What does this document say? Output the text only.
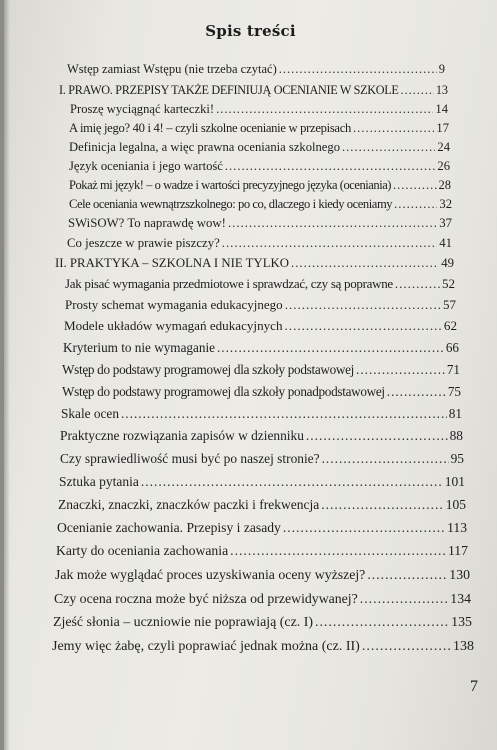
Spis treści
Wstęp zamiast Wstępu (nie trzeba czytać) .....	9
I. PRAWO. PRZEPISY TAKŻE DEFINIUJĄ OCENIANIE W SZKOLE .....	13
Proszę wyciągnąć karteczki! .....	14
A imię jego? 40 i 4! – czyli szkolne ocenianie w przepisach .....	17
Definicja legalna, a więc prawna oceniania szkolnego .....	24
Język oceniania i jego wartość .....	26
Pokaż mi język! – o wadze i wartości precyzyjnego języka (oceniania) .....	28
Cele oceniania wewnątrzszkolnego: po co, dlaczego i kiedy oceniamy .....	32
SWiSOW? To naprawdę wow! .....	37
Co jeszcze w prawie piszczy? .....	41
II. PRAKTYKA – SZKOLNA I NIE TYLKO .....	49
Jak pisać wymagania przedmiotowe i sprawdzać, czy są poprawne .....	52
Prosty schemat wymagania edukacyjnego .....	57
Modele układów wymagań edukacyjnych .....	62
Kryterium to nie wymaganie .....	66
Wstęp do podstawy programowej dla szkoły podstawowej .....	71
Wstęp do podstawy programowej dla szkoły ponadpodstawowej .....	75
Skale ocen .....	81
Praktyczne rozwiązania zapisów w dzienniku .....	88
Czy sprawiedliwość musi być po naszej stronie? .....	95
Sztuka pytania .....	101
Znaczki, znaczki, znaczków paczki i frekwencja .....	105
Ocenianie zachowania. Przepisy i zasady .....	113
Karty do oceniania zachowania .....	117
Jak może wyglądać proces uzyskiwania oceny wyższej? .....	130
Czy ocena roczna może być niższa od przewidywanej? .....	134
Zjeść słonia – uczniowie nie poprawiają (cz. I) .....	135
Jemy więc żabę, czyli poprawiać jednak można (cz. II) .....	138
7
